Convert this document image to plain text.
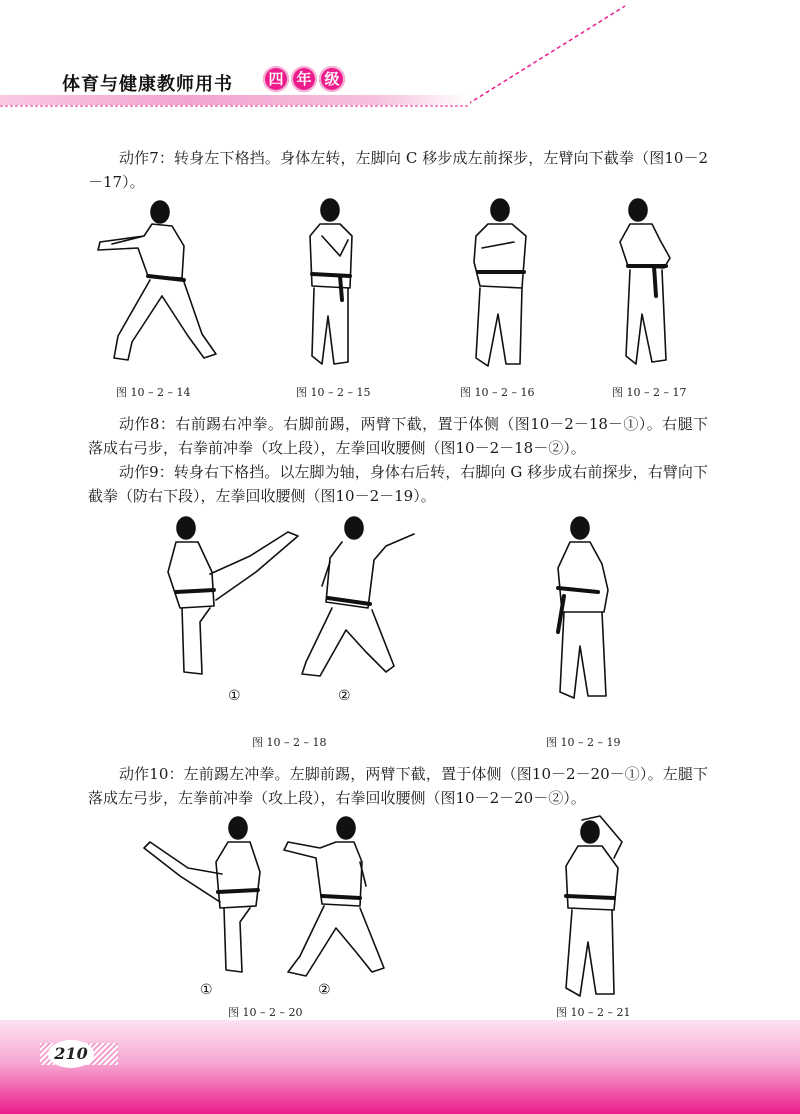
体育与健康教师用书	四 年 级
动作7：转身左下格挡。身体左转，左脚向 C 移步成左前探步，左臂向下截拳（图10－2－17）。
图 10 – 2 – 14	图 10 – 2 – 15	图 10 – 2 – 16	图 10 – 2 – 17
动作8：右前踢右冲拳。右脚前踢，两臂下截，置于体侧（图10－2－18－①）。右腿下落成右弓步，右拳前冲拳（攻上段），左拳回收腰侧（图10－2－18－②）。
动作9：转身右下格挡。以左脚为轴，身体右后转，右脚向 G 移步成右前探步，右臂向下截拳（防右下段），左拳回收腰侧（图10－2－19）。
①	②
图 10 – 2 – 18	图 10 – 2 – 19
动作10：左前踢左冲拳。左脚前踢，两臂下截，置于体侧（图10－2－20－①）。左腿下落成左弓步，左拳前冲拳（攻上段），右拳回收腰侧（图10－2－20－②）。
①	②
图 10 – 2 – 20	图 10 – 2 – 21
210
